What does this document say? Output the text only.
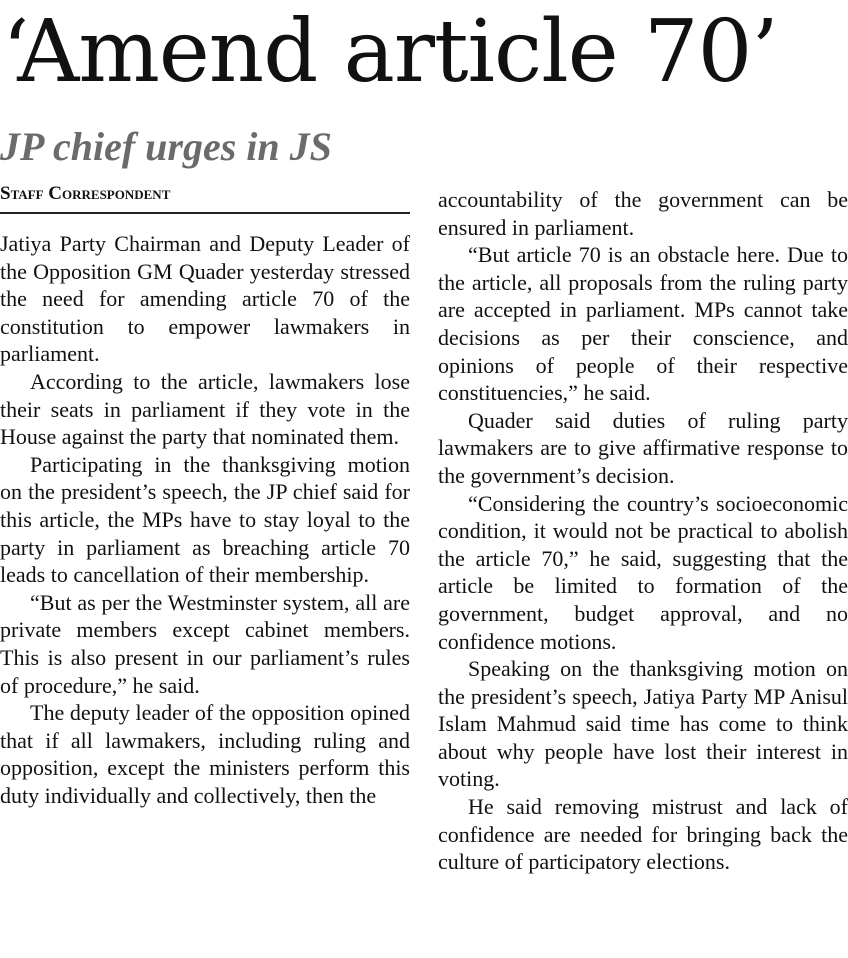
‘Amend article 70’
JP chief urges in JS
Staff Correspondent

Jatiya Party Chairman and Deputy Leader of the Opposition GM Quader yesterday stressed the need for amending article 70 of the constitution to empower lawmakers in parliament.

According to the article, lawmakers lose their seats in parliament if they vote in the House against the party that nominated them.

Participating in the thanksgiving motion on the president’s speech, the JP chief said for this article, the MPs have to stay loyal to the party in parliament as breaching article 70 leads to cancellation of their membership.

“But as per the Westminster system, all are private members except cabinet members. This is also present in our parliament’s rules of procedure,” he said.

The deputy leader of the opposition opined that if all lawmakers, including ruling and opposition, except the ministers perform this duty individually and collectively, then the

accountability of the government can be ensured in parliament.

“But article 70 is an obstacle here. Due to the article, all proposals from the ruling party are accepted in parliament. MPs cannot take decisions as per their conscience, and opinions of people of their respective constituencies,” he said.

Quader said duties of ruling party lawmakers are to give affirmative response to the government’s decision.

“Considering the country’s socioeconomic condition, it would not be practical to abolish the article 70,” he said, suggesting that the article be limited to formation of the government, budget approval, and no confidence motions.

Speaking on the thanksgiving motion on the president’s speech, Jatiya Party MP Anisul Islam Mahmud said time has come to think about why people have lost their interest in voting.

He said removing mistrust and lack of confidence are needed for bringing back the culture of participatory elections.
